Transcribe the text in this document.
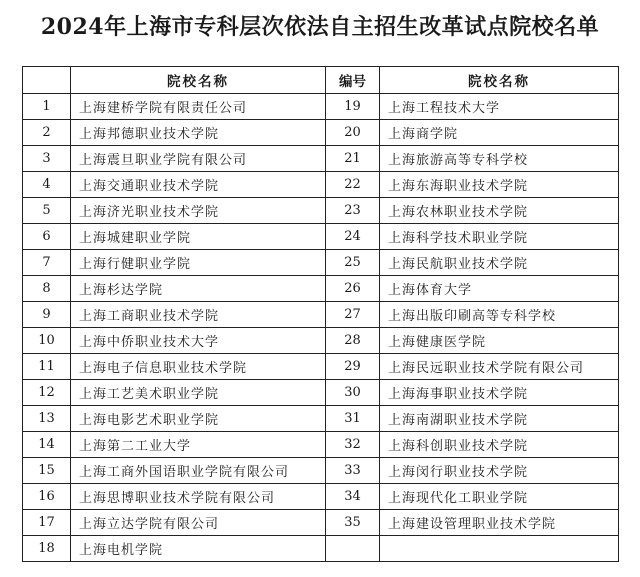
2024年上海市专科层次依法自主招生改革试点院校名单
	院校名称	编号	院校名称
1	上海建桥学院有限责任公司	19	上海工程技术大学
2	上海邦德职业技术学院	20	上海商学院
3	上海震旦职业学院有限公司	21	上海旅游高等专科学校
4	上海交通职业技术学院	22	上海东海职业技术学院
5	上海济光职业技术学院	23	上海农林职业技术学院
6	上海城建职业学院	24	上海科学技术职业学院
7	上海行健职业学院	25	上海民航职业技术学院
8	上海杉达学院	26	上海体育大学
9	上海工商职业技术学院	27	上海出版印刷高等专科学校
10	上海中侨职业技术大学	28	上海健康医学院
11	上海电子信息职业技术学院	29	上海民远职业技术学院有限公司
12	上海工艺美术职业学院	30	上海海事职业技术学院
13	上海电影艺术职业学院	31	上海南湖职业技术学院
14	上海第二工业大学	32	上海科创职业技术学院
15	上海工商外国语职业学院有限公司	33	上海闵行职业技术学院
16	上海思博职业技术学院有限公司	34	上海现代化工职业学院
17	上海立达学院有限公司	35	上海建设管理职业技术学院
18	上海电机学院		
